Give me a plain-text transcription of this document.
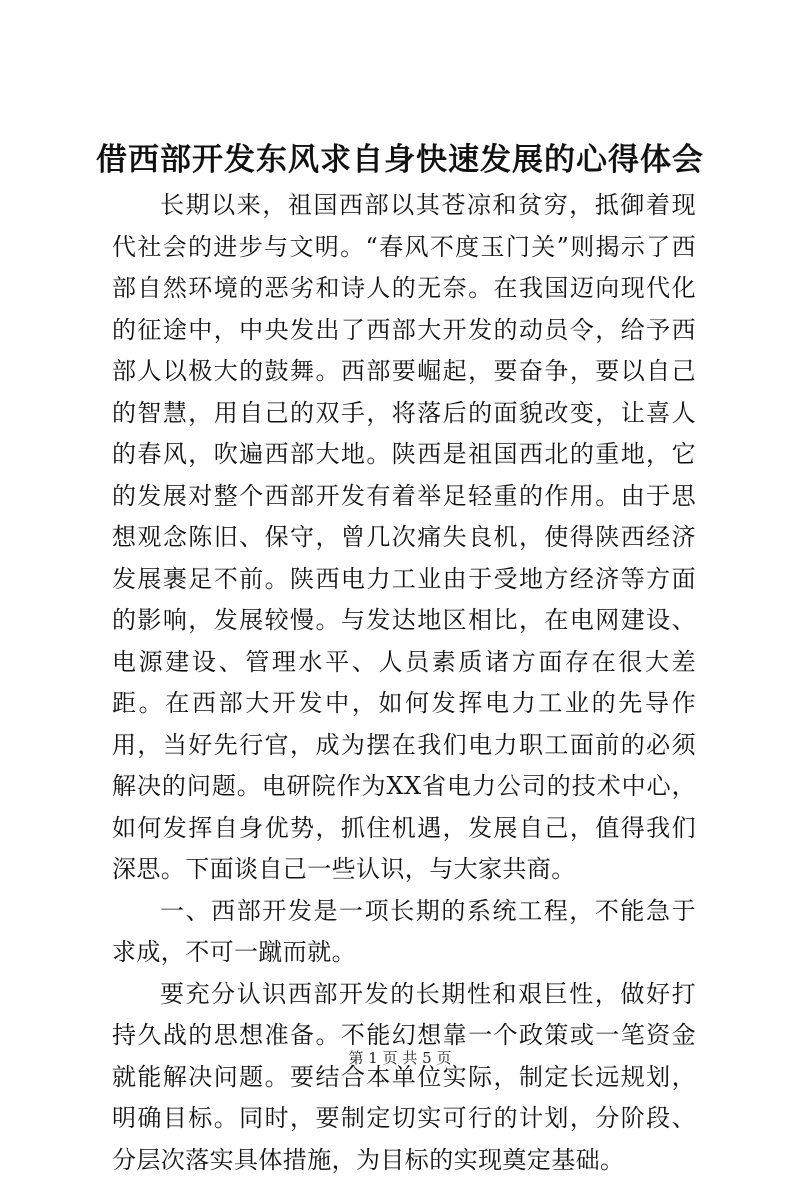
借西部开发东风求自身快速发展的心得体会

长期以来，祖国西部以其苍凉和贫穷，抵御着现代社会的进步与文明。“春风不度玉门关”则揭示了西部自然环境的恶劣和诗人的无奈。在我国迈向现代化的征途中，中央发出了西部大开发的动员令，给予西部人以极大的鼓舞。西部要崛起，要奋争，要以自己的智慧，用自己的双手，将落后的面貌改变，让喜人的春风，吹遍西部大地。陕西是祖国西北的重地，它的发展对整个西部开发有着举足轻重的作用。由于思想观念陈旧、保守，曾几次痛失良机，使得陕西经济发展裹足不前。陕西电力工业由于受地方经济等方面的影响，发展较慢。与发达地区相比，在电网建设、电源建设、管理水平、人员素质诸方面存在很大差距。在西部大开发中，如何发挥电力工业的先导作用，当好先行官，成为摆在我们电力职工面前的必须解决的问题。电研院作为XX省电力公司的技术中心，如何发挥自身优势，抓住机遇，发展自己，值得我们深思。下面谈自己一些认识，与大家共商。

一、西部开发是一项长期的系统工程，不能急于求成，不可一蹴而就。

要充分认识西部开发的长期性和艰巨性，做好打持久战的思想准备。不能幻想靠一个政策或一笔资金就能解决问题。要结合本单位实际，制定长远规划，明确目标。同时，要制定切实可行的计划，分阶段、分层次落实具体措施，为目标的实现奠定基础。

第 1 页 共 5 页
